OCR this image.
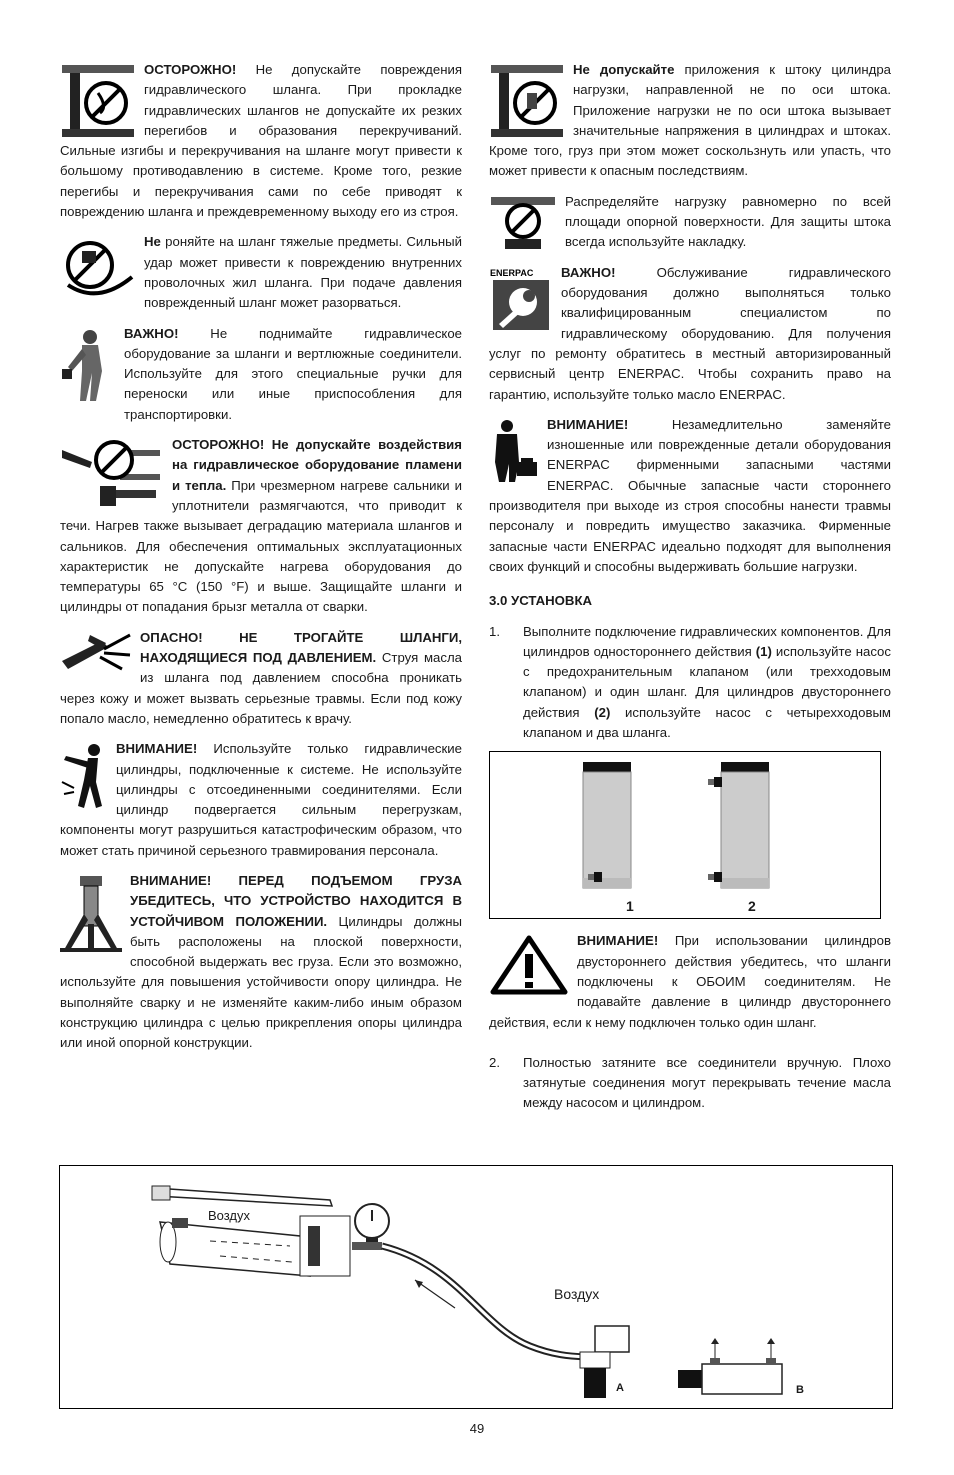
ОСТОРОЖНО! Не допускайте повреждения гидравлического шланга. При прокладке гидравлических шлангов не допускайте их резких перегибов и образования перекручиваний. Сильные изгибы и перекручивания на шланге могут привести к большому противодавлению в системе. Кроме того, резкие перегибы и перекручивания сами по себе приводят к повреждению шланга и преждевременному выходу его из строя.
Не роняйте на шланг тяжелые предметы. Сильный удар может привести к повреждению внутренних проволочных жил шланга. При подаче давления поврежденный шланг может разорваться.
ВАЖНО! Не поднимайте гидравлическое оборудование за шланги и вертлюжные соединители. Используйте для этого специальные ручки для переноски или иные приспособления для транспортировки.
ОСТОРОЖНО! Не допускайте воздействия на гидравлическое оборудование пламени и тепла. При чрезмерном нагреве сальники и уплотнители размягчаются, что приводит к течи. Нагрев также вызывает деградацию материала шлангов и сальников. Для обеспечения оптимальных эксплуатационных характеристик не допускайте нагрева оборудования до температуры 65 °C (150 °F) и выше. Защищайте шланги и цилиндры от попадания брызг металла от сварки.
ОПАСНО! НЕ ТРОГАЙТЕ ШЛАНГИ, НАХОДЯЩИЕСЯ ПОД ДАВЛЕНИЕМ. Струя масла из шланга под давлением способна проникать через кожу и может вызвать серьезные травмы. Если под кожу попало масло, немедленно обратитесь к врачу.
ВНИМАНИЕ! Используйте только гидравлические цилиндры, подключенные к системе. Не используйте цилиндры с отсоединенными соединителями. Если цилиндр подвергается сильным перегрузкам, компоненты могут разрушиться катастрофическим образом, что может стать причиной серьезного травмирования персонала.
ВНИМАНИЕ! ПЕРЕД ПОДЪЕМОМ ГРУЗА УБЕДИТЕСЬ, ЧТО УСТРОЙСТВО НАХОДИТСЯ В УСТОЙЧИВОМ ПОЛОЖЕНИИ. Цилиндры должны быть расположены на плоской поверхности, способной выдержать вес груза. Если это возможно, используйте для повышения устойчивости опору цилиндра. Не выполняйте сварку и не изменяйте каким-либо иным образом конструкцию цилиндра с целью прикрепления опоры цилиндра или иной опорной конструкции.
Не допускайте приложения к штоку цилиндра нагрузки, направленной не по оси штока. Приложение нагрузки не по оси штока вызывает значительные напряжения в цилиндрах и штоках. Кроме того, груз при этом может соскользнуть или упасть, что может привести к опасным последствиям.
Распределяйте нагрузку равномерно по всей площади опорной поверхности. Для защиты штока всегда используйте накладку.
ENERPAC ВАЖНО! Обслуживание гидравлического оборудования должно выполняться только квалифицированным специалистом по гидравлическому оборудованию. Для получения услуг по ремонту обратитесь в местный авторизированный сервисный центр ENERPAC. Чтобы сохранить право на гарантию, используйте только масло ENERPAC.
ВНИМАНИЕ! Незамедлительно заменяйте изношенные или поврежденные детали оборудования ENERPAC фирменными запасными частями ENERPAC. Обычные запасные части стороннего производителя при выходе из строя способны нанести травмы персоналу и повредить имущество заказчика. Фирменные запасные части ENERPAC идеально подходят для выполнения своих функций и способны выдерживать большие нагрузки.
3.0 УСТАНОВКА
1. Выполните подключение гидравлических компонентов. Для цилиндров одностороннего действия (1) используйте насос с предохранительным клапаном (или трехходовым клапаном) и один шланг. Для цилиндров двустороннего действия (2) используйте насос с четырехходовым клапаном и два шланга.
1	2
ВНИМАНИЕ! При использовании цилиндров двустороннего действия убедитесь, что шланги подключены к ОБОИМ соединителям. Не подавайте давление в цилиндр двустороннего действия, если к нему подключен только один шланг.
2. Полностью затяните все соединители вручную. Плохо затянутые соединения могут перекрывать течение масла между насосом и цилиндром.
Воздух
Воздух
A	B
49
